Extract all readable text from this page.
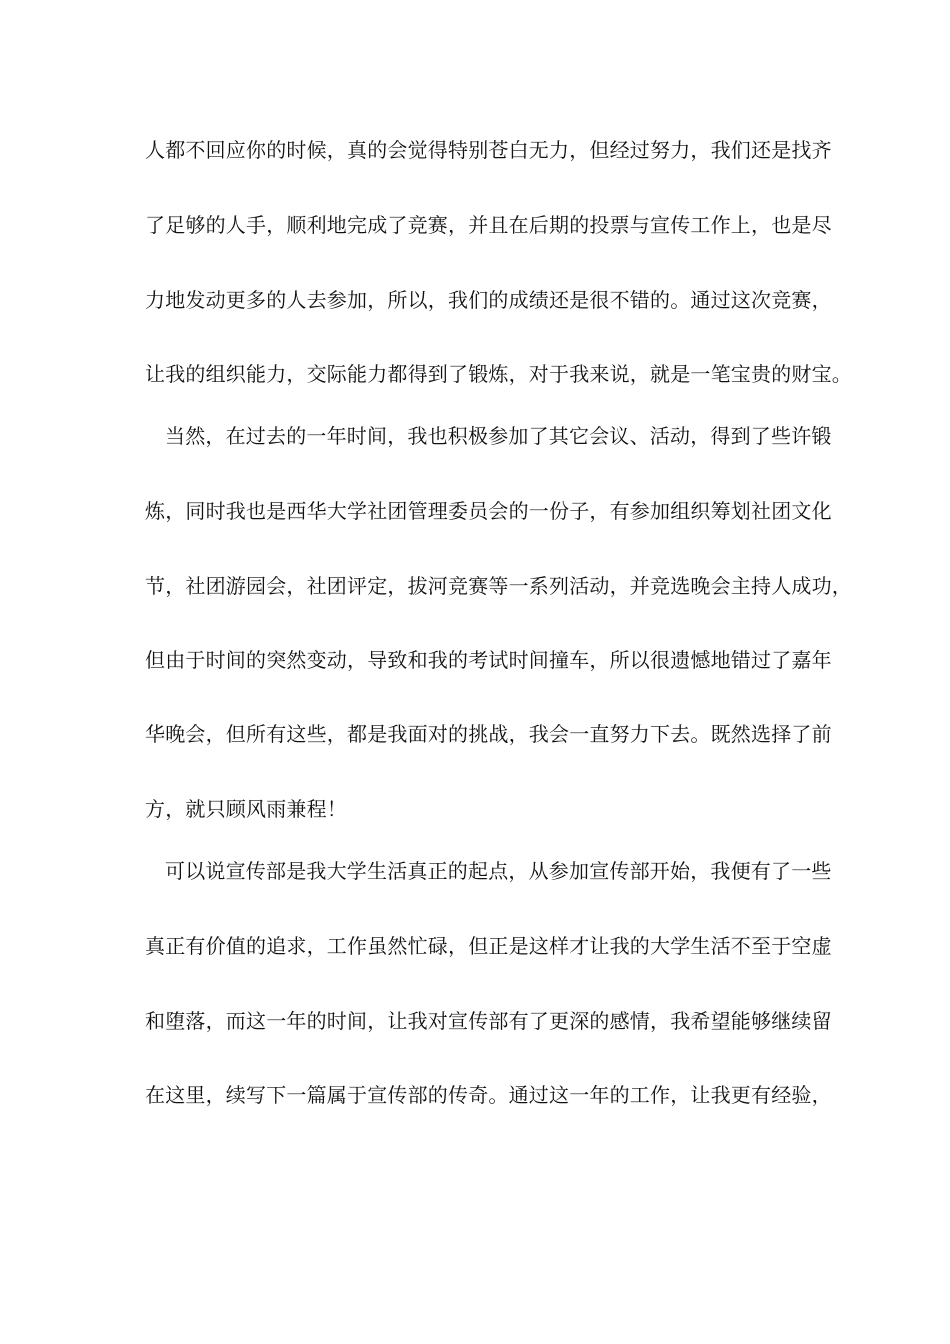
人都不回应你的时候，真的会觉得特别苍白无力，但经过努力，我们还是找齐
了足够的人手，顺利地完成了竞赛，并且在后期的投票与宣传工作上，也是尽
力地发动更多的人去参加，所以，我们的成绩还是很不错的。通过这次竞赛，
让我的组织能力，交际能力都得到了锻炼，对于我来说，就是一笔宝贵的财宝。
当然，在过去的一年时间，我也积极参加了其它会议、活动，得到了些许锻
炼，同时我也是西华大学社团管理委员会的一份子，有参加组织筹划社团文化
节，社团游园会，社团评定，拔河竞赛等一系列活动，并竞选晚会主持人成功，
但由于时间的突然变动，导致和我的考试时间撞车，所以很遗憾地错过了嘉年
华晚会，但所有这些，都是我面对的挑战，我会一直努力下去。既然选择了前
方，就只顾风雨兼程！
可以说宣传部是我大学生活真正的起点，从参加宣传部开始，我便有了一些
真正有价值的追求，工作虽然忙碌，但正是这样才让我的大学生活不至于空虚
和堕落，而这一年的时间，让我对宣传部有了更深的感情，我希望能够继续留
在这里，续写下一篇属于宣传部的传奇。通过这一年的工作，让我更有经验，
